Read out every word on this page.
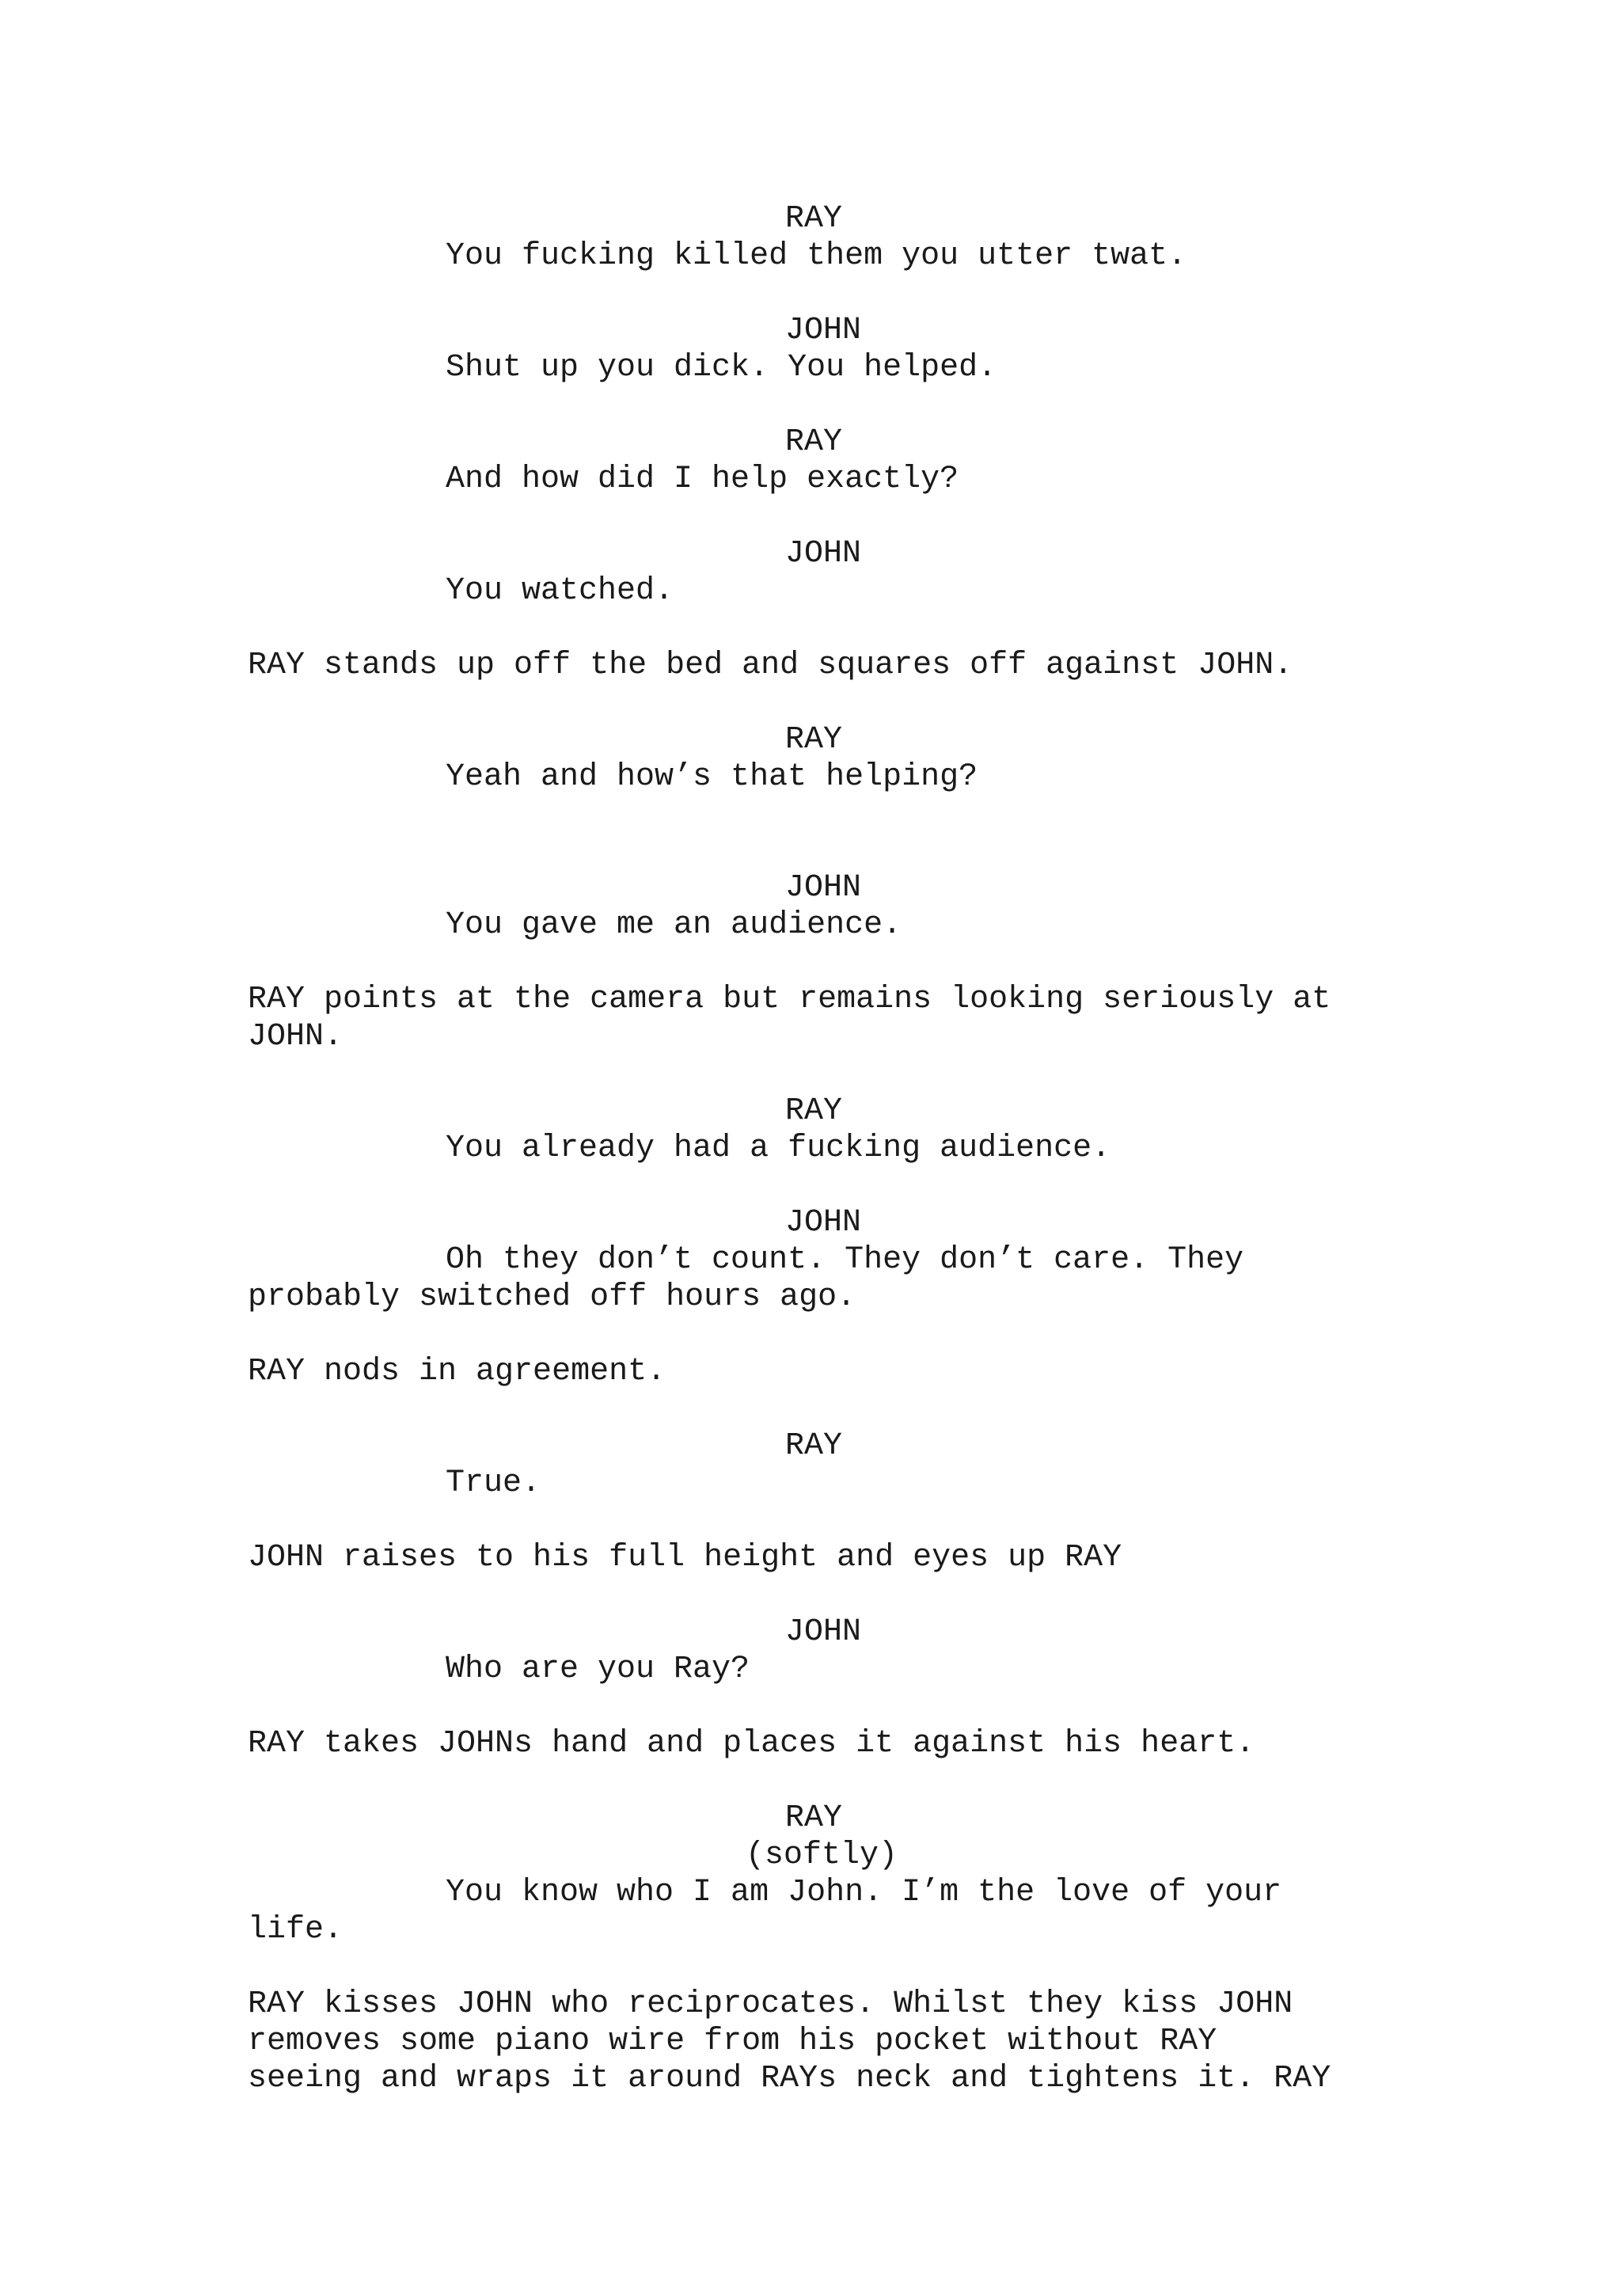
RAY
You fucking killed them you utter twat.
JOHN
Shut up you dick. You helped.
RAY
And how did I help exactly?
JOHN
You watched.
RAY stands up off the bed and squares off against JOHN.
RAY
Yeah and how’s that helping?
JOHN
You gave me an audience.
RAY points at the camera but remains looking seriously at
JOHN.
RAY
You already had a fucking audience.
JOHN
Oh they don’t count. They don’t care. They
probably switched off hours ago.
RAY nods in agreement.
RAY
True.
JOHN raises to his full height and eyes up RAY
JOHN
Who are you Ray?
RAY takes JOHNs hand and places it against his heart.
RAY
(softly)
You know who I am John. I’m the love of your
life.
RAY kisses JOHN who reciprocates. Whilst they kiss JOHN
removes some piano wire from his pocket without RAY
seeing and wraps it around RAYs neck and tightens it. RAY
